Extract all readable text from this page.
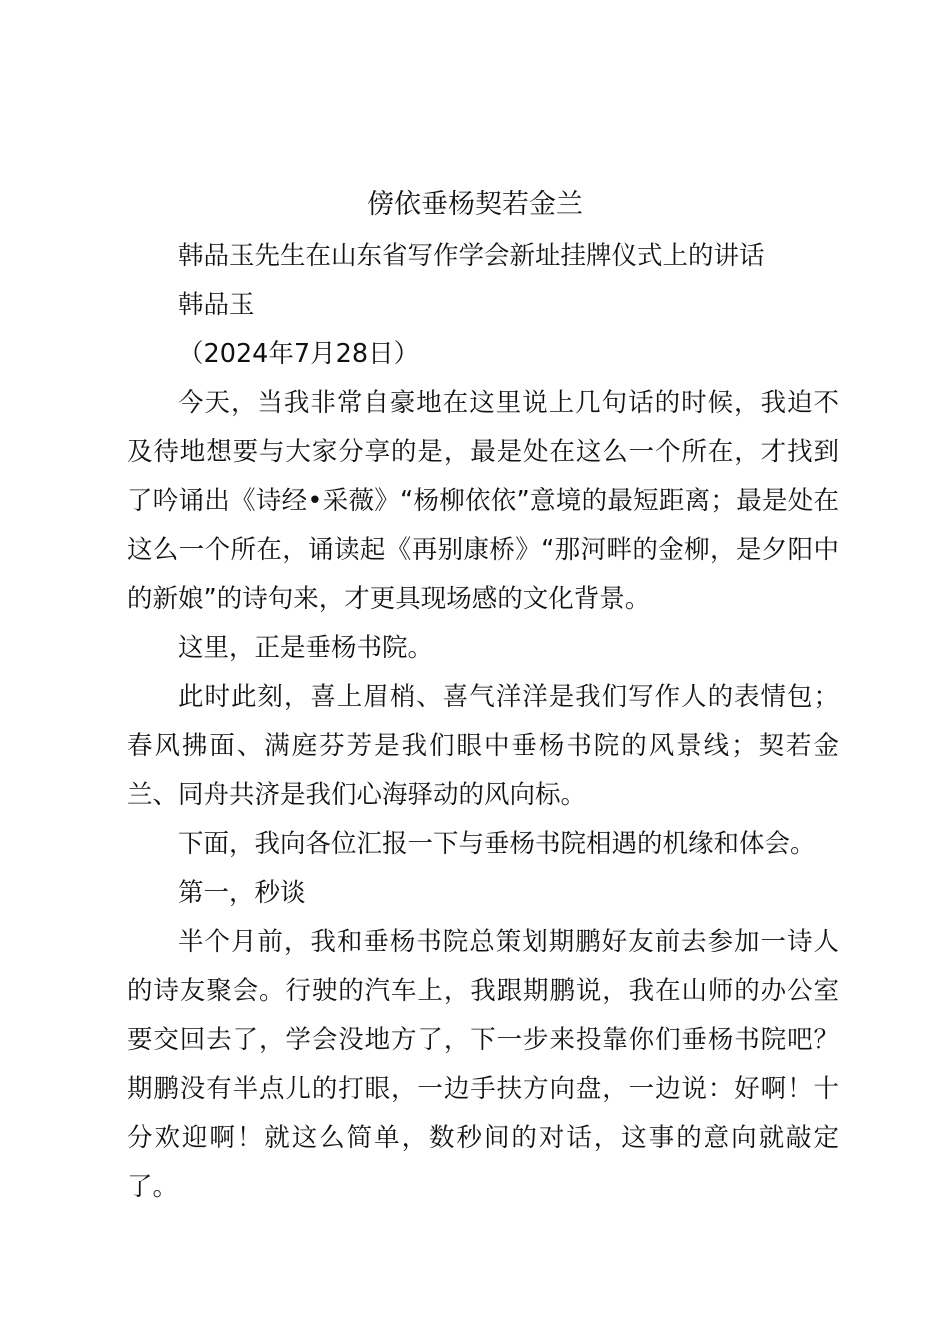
傍依垂杨契若金兰

韩品玉先生在山东省写作学会新址挂牌仪式上的讲话

韩品玉

（2024年7月28日）

今天，当我非常自豪地在这里说上几句话的时候，我迫不及待地想要与大家分享的是，最是处在这么一个所在，才找到了吟诵出《诗经•采薇》“杨柳依依”意境的最短距离；最是处在这么一个所在，诵读起《再别康桥》“那河畔的金柳，是夕阳中的新娘”的诗句来，才更具现场感的文化背景。

这里，正是垂杨书院。

此时此刻，喜上眉梢、喜气洋洋是我们写作人的表情包；春风拂面、满庭芬芳是我们眼中垂杨书院的风景线；契若金兰、同舟共济是我们心海驿动的风向标。

下面，我向各位汇报一下与垂杨书院相遇的机缘和体会。

第一，秒谈

半个月前，我和垂杨书院总策划期鹏好友前去参加一诗人的诗友聚会。行驶的汽车上，我跟期鹏说，我在山师的办公室要交回去了，学会没地方了，下一步来投靠你们垂杨书院吧？期鹏没有半点儿的打眼，一边手扶方向盘，一边说：好啊！十分欢迎啊！就这么简单，数秒间的对话，这事的意向就敲定了。
